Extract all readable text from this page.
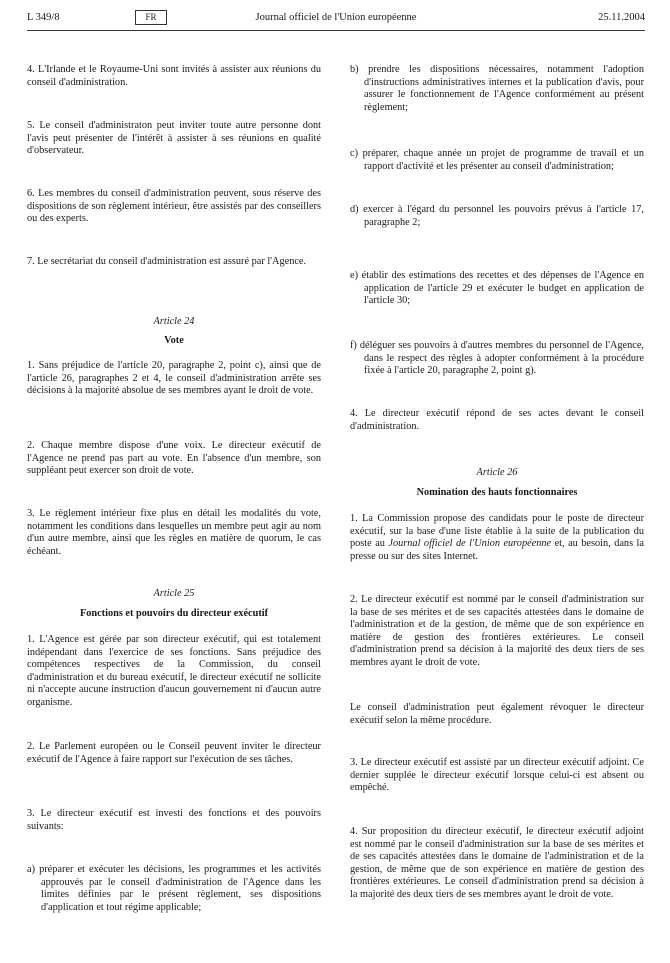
L 349/8	FR	Journal officiel de l'Union européenne	25.11.2004

4. L'Irlande et le Royaume-Uni sont invités à assister aux réunions du conseil d'administration.

5. Le conseil d'administraton peut inviter toute autre personne dont l'avis peut présenter de l'intérêt à assister à ses réunions en qualité d'observateur.

6. Les membres du conseil d'administration peuvent, sous réserve des dispositions de son règlement intérieur, être assistés par des conseillers ou des experts.

7. Le secrétariat du conseil d'administration est assuré par l'Agence.

Article 24

Vote

1. Sans préjudice de l'article 20, paragraphe 2, point c), ainsi que de l'article 26, paragraphes 2 et 4, le conseil d'administration arrête ses décisions à la majorité absolue de ses membres ayant le droit de vote.

2. Chaque membre dispose d'une voix. Le directeur exécutif de l'Agence ne prend pas part au vote. En l'absence d'un membre, son suppléant peut exercer son droit de vote.

3. Le règlement intérieur fixe plus en détail les modalités du vote, notamment les conditions dans lesquelles un membre peut agir au nom d'un autre membre, ainsi que les règles en matière de quorum, le cas échéant.

Article 25

Fonctions et pouvoirs du directeur exécutif

1. L'Agence est gérée par son directeur exécutif, qui est totalement indépendant dans l'exercice de ses fonctions. Sans préjudice des compétences respectives de la Commission, du conseil d'administration et du bureau exécutif, le directeur exécutif ne sollicite ni n'accepte aucune instruction d'aucun gouvernement ni d'aucun autre organisme.

2. Le Parlement européen ou le Conseil peuvent inviter le directeur exécutif de l'Agence à faire rapport sur l'exécution de ses tâches.

3. Le directeur exécutif est investi des fonctions et des pouvoirs suivants:

a) préparer et exécuter les décisions, les programmes et les activités approuvés par le conseil d'administration de l'Agence dans les limites définies par le présent règlement, ses dispositions d'application et tout régime applicable;

b) prendre les dispositions nécessaires, notamment l'adoption d'instructions administratives internes et la publication d'avis, pour assurer le fonctionnement de l'Agence conformément au présent règlement;

c) préparer, chaque année un projet de programme de travail et un rapport d'activité et les présenter au conseil d'administration;

d) exercer à l'égard du personnel les pouvoirs prévus à l'article 17, paragraphe 2;

e) établir des estimations des recettes et des dépenses de l'Agence en application de l'article 29 et exécuter le budget en application de l'article 30;

f) déléguer ses pouvoirs à d'autres membres du personnel de l'Agence, dans le respect des règles à adopter conformément à la procédure fixée à l'article 20, paragraphe 2, point g).

4. Le directeur exécutif répond de ses actes devant le conseil d'administration.

Article 26

Nomination des hauts fonctionnaires

1. La Commission propose des candidats pour le poste de directeur exécutif, sur la base d'une liste établie à la suite de la publication du poste au Journal officiel de l'Union européenne et, au besoin, dans la presse ou sur des sites Internet.

2. Le directeur exécutif est nommé par le conseil d'administration sur la base de ses mérites et de ses capacités attestées dans le domaine de l'administration et de la gestion, de même que de son expérience en matière de gestion des frontières extérieures. Le conseil d'administration prend sa décision à la majorité des deux tiers de ses membres ayant le droit de vote.

Le conseil d'administration peut également révoquer le directeur exécutif selon la même procédure.

3. Le directeur exécutif est assisté par un directeur exécutif adjoint. Ce dernier supplée le directeur exécutif lorsque celui-ci est absent ou empêché.

4. Sur proposition du directeur exécutif, le directeur exécutif adjoint est nommé par le conseil d'administration sur la base de ses mérites et de ses capacités attestées dans le domaine de l'administration et de la gestion, de même que de son expérience en matière de gestion des frontières extérieures. Le conseil d'administration prend sa décision à la majorité des deux tiers de ses membres ayant le droit de vote.
